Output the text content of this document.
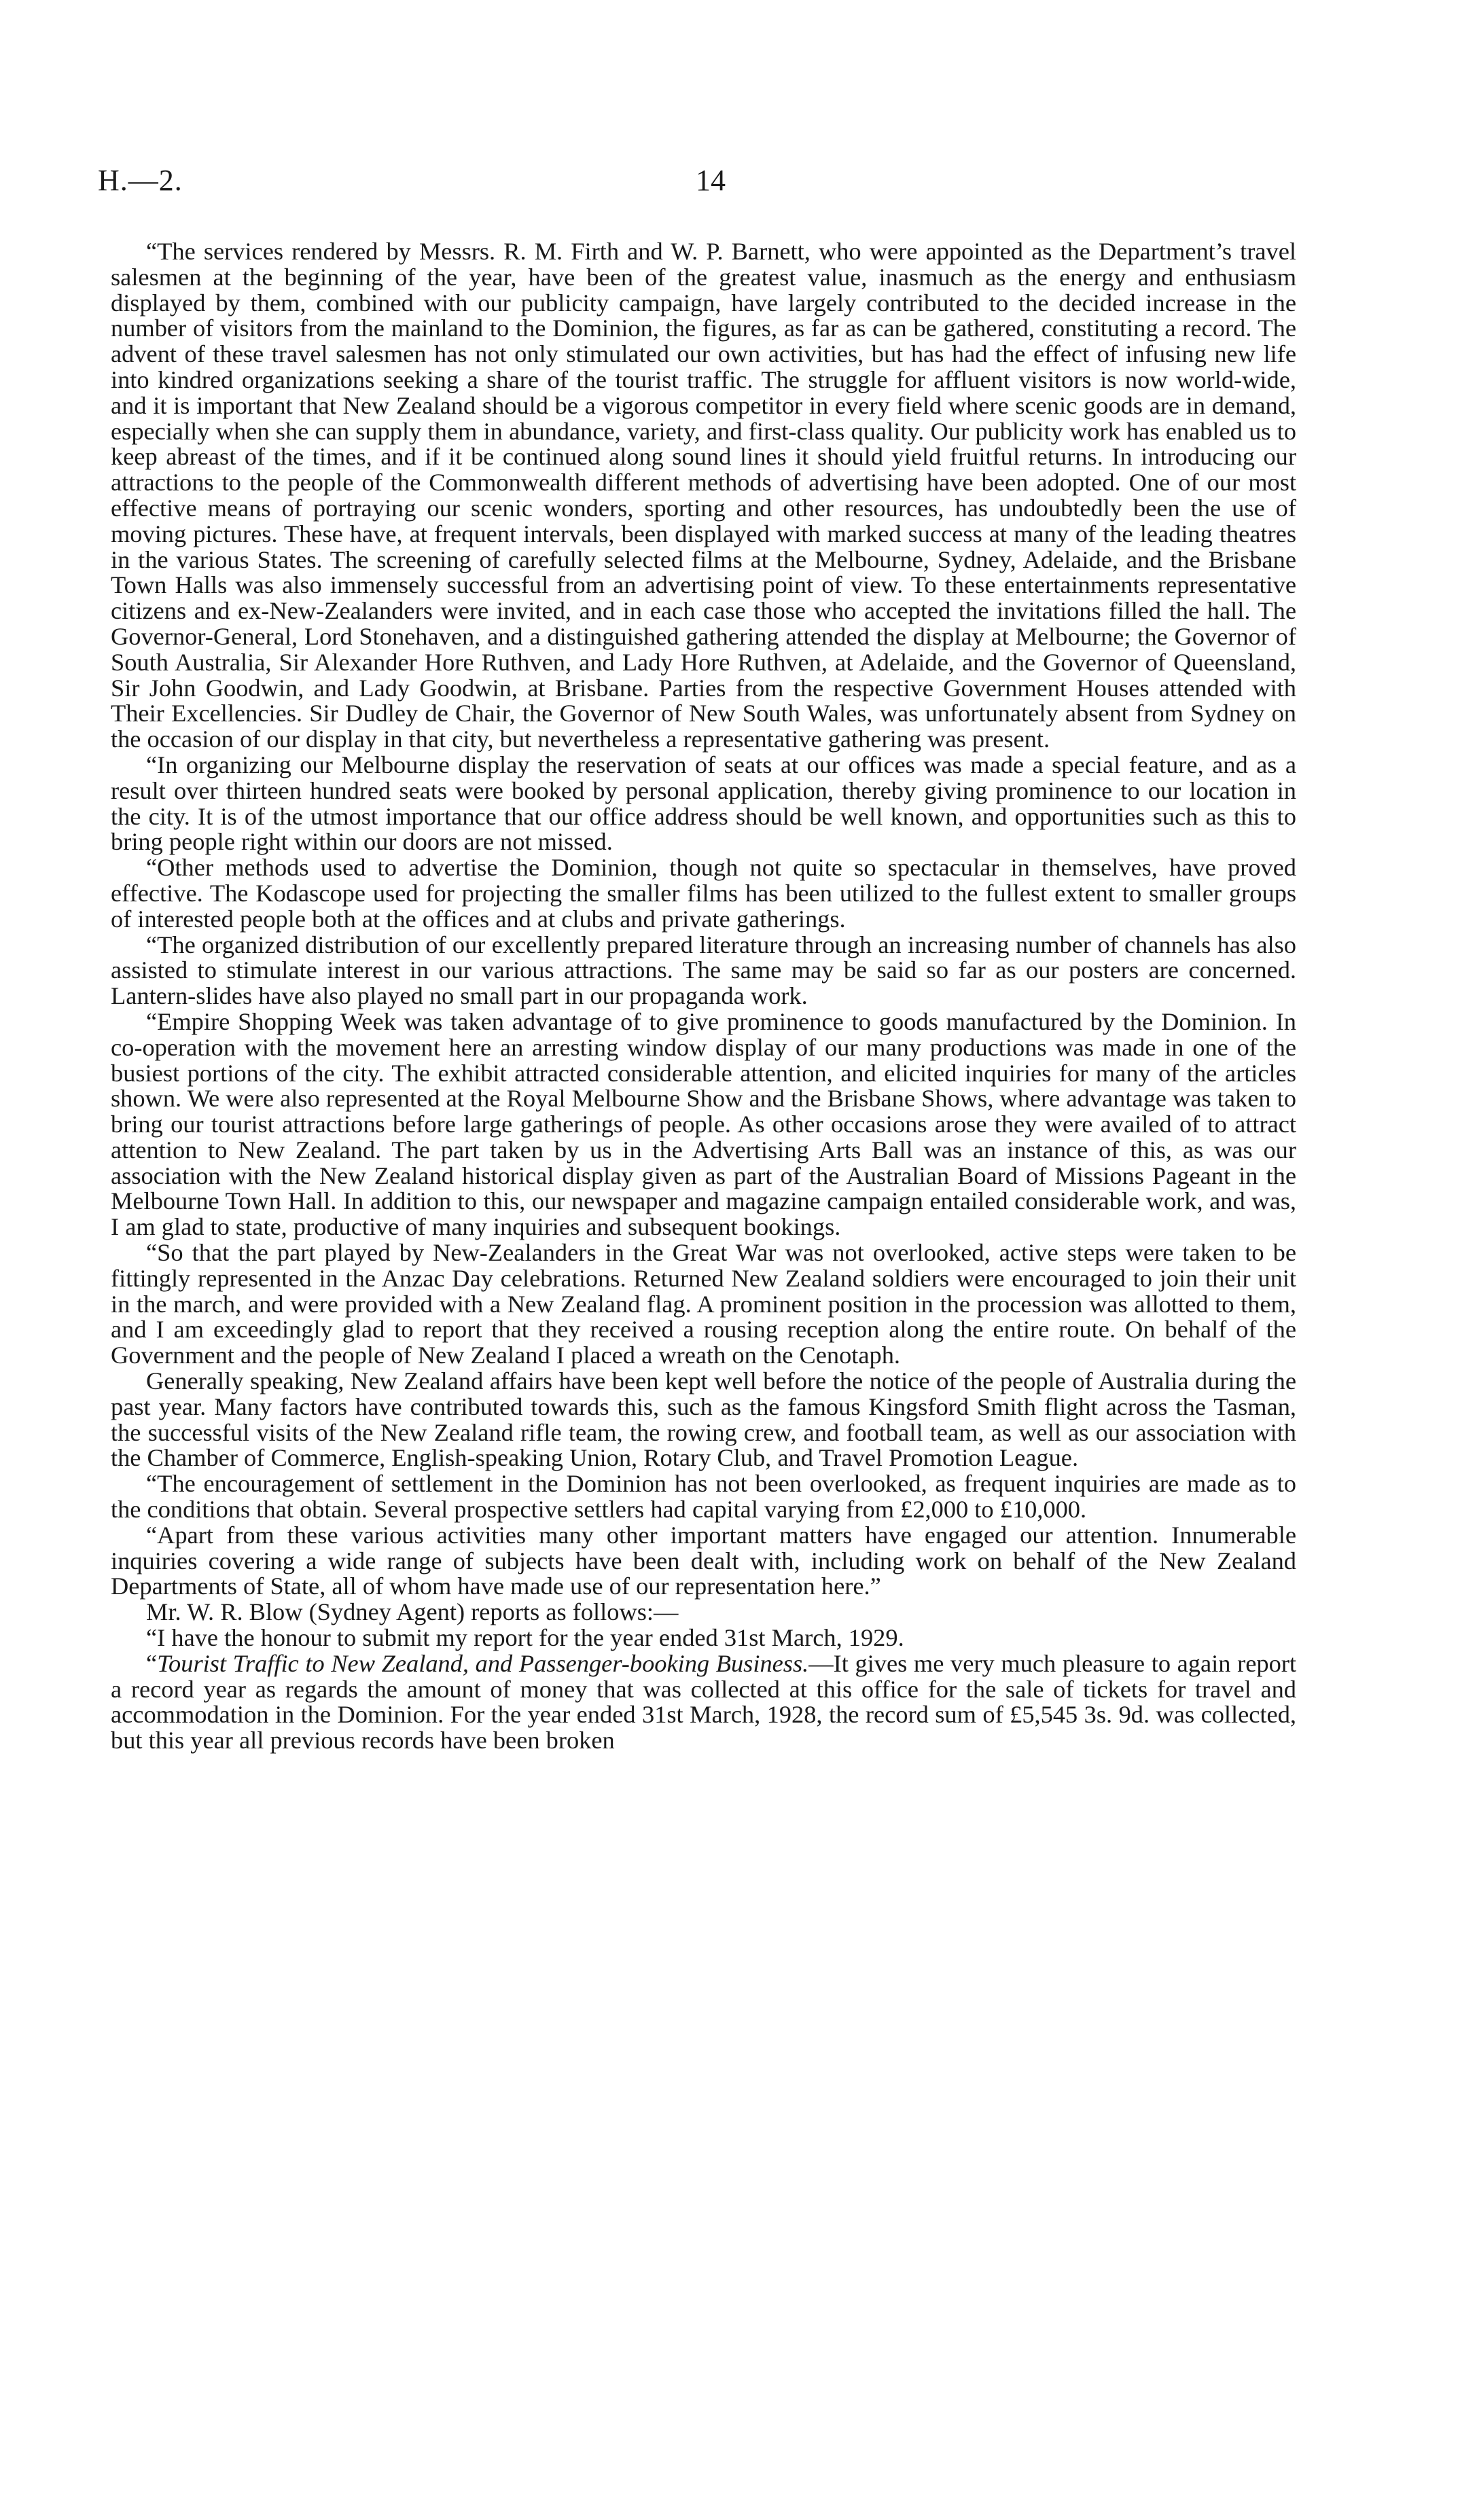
H.—2.	14

“The services rendered by Messrs. R. M. Firth and W. P. Barnett, who were appointed as the Department’s travel salesmen at the beginning of the year, have been of the greatest value, inasmuch as the energy and enthusiasm displayed by them, combined with our publicity campaign, have largely contributed to the decided increase in the number of visitors from the mainland to the Dominion, the figures, as far as can be gathered, constituting a record. The advent of these travel salesmen has not only stimulated our own activities, but has had the effect of infusing new life into kindred organizations seeking a share of the tourist traffic. The struggle for affluent visitors is now world-wide, and it is important that New Zealand should be a vigorous competitor in every field where scenic goods are in demand, especially when she can supply them in abundance, variety, and first-class quality. Our publicity work has enabled us to keep abreast of the times, and if it be continued along sound lines it should yield fruitful returns. In introducing our attractions to the people of the Commonwealth different methods of advertising have been adopted. One of our most effective means of portraying our scenic wonders, sporting and other resources, has undoubtedly been the use of moving pictures. These have, at frequent intervals, been displayed with marked success at many of the leading theatres in the various States. The screening of carefully selected films at the Melbourne, Sydney, Adelaide, and the Brisbane Town Halls was also immensely successful from an advertising point of view. To these entertainments representative citizens and ex-New-Zealanders were invited, and in each case those who accepted the invitations filled the hall. The Governor-General, Lord Stonehaven, and a distinguished gathering attended the display at Melbourne; the Governor of South Australia, Sir Alexander Hore Ruthven, and Lady Hore Ruthven, at Adelaide, and the Governor of Queensland, Sir John Goodwin, and Lady Goodwin, at Brisbane. Parties from the respective Government Houses attended with Their Excellencies. Sir Dudley de Chair, the Governor of New South Wales, was unfortunately absent from Sydney on the occasion of our display in that city, but nevertheless a representative gathering was present.

“In organizing our Melbourne display the reservation of seats at our offices was made a special feature, and as a result over thirteen hundred seats were booked by personal application, thereby giving prominence to our location in the city. It is of the utmost importance that our office address should be well known, and opportunities such as this to bring people right within our doors are not missed.

“Other methods used to advertise the Dominion, though not quite so spectacular in themselves, have proved effective. The Kodascope used for projecting the smaller films has been utilized to the fullest extent to smaller groups of interested people both at the offices and at clubs and private gatherings.

“The organized distribution of our excellently prepared literature through an increasing number of channels has also assisted to stimulate interest in our various attractions. The same may be said so far as our posters are concerned. Lantern-slides have also played no small part in our propaganda work.

“Empire Shopping Week was taken advantage of to give prominence to goods manufactured by the Dominion. In co-operation with the movement here an arresting window display of our many productions was made in one of the busiest portions of the city. The exhibit attracted considerable attention, and elicited inquiries for many of the articles shown. We were also represented at the Royal Melbourne Show and the Brisbane Shows, where advantage was taken to bring our tourist attractions before large gatherings of people. As other occasions arose they were availed of to attract attention to New Zealand. The part taken by us in the Advertising Arts Ball was an instance of this, as was our association with the New Zealand historical display given as part of the Australian Board of Missions Pageant in the Melbourne Town Hall. In addition to this, our newspaper and magazine campaign entailed considerable work, and was, I am glad to state, productive of many inquiries and subsequent bookings.

“So that the part played by New-Zealanders in the Great War was not overlooked, active steps were taken to be fittingly represented in the Anzac Day celebrations. Returned New Zealand soldiers were encouraged to join their unit in the march, and were provided with a New Zealand flag. A prominent position in the procession was allotted to them, and I am exceedingly glad to report that they received a rousing reception along the entire route. On behalf of the Government and the people of New Zealand I placed a wreath on the Cenotaph.

Generally speaking, New Zealand affairs have been kept well before the notice of the people of Australia during the past year. Many factors have contributed towards this, such as the famous Kingsford Smith flight across the Tasman, the successful visits of the New Zealand rifle team, the rowing crew, and football team, as well as our association with the Chamber of Commerce, English-speaking Union, Rotary Club, and Travel Promotion League.

“The encouragement of settlement in the Dominion has not been overlooked, as frequent inquiries are made as to the conditions that obtain. Several prospective settlers had capital varying from £2,000 to £10,000.

“Apart from these various activities many other important matters have engaged our attention. Innumerable inquiries covering a wide range of subjects have been dealt with, including work on behalf of the New Zealand Departments of State, all of whom have made use of our representation here.”

Mr. W. R. Blow (Sydney Agent) reports as follows:—

“I have the honour to submit my report for the year ended 31st March, 1929.

“Tourist Traffic to New Zealand, and Passenger-booking Business.—It gives me very much pleasure to again report a record year as regards the amount of money that was collected at this office for the sale of tickets for travel and accommodation in the Dominion. For the year ended 31st March, 1928, the record sum of £5,545 3s. 9d. was collected, but this year all previous records have been broken
